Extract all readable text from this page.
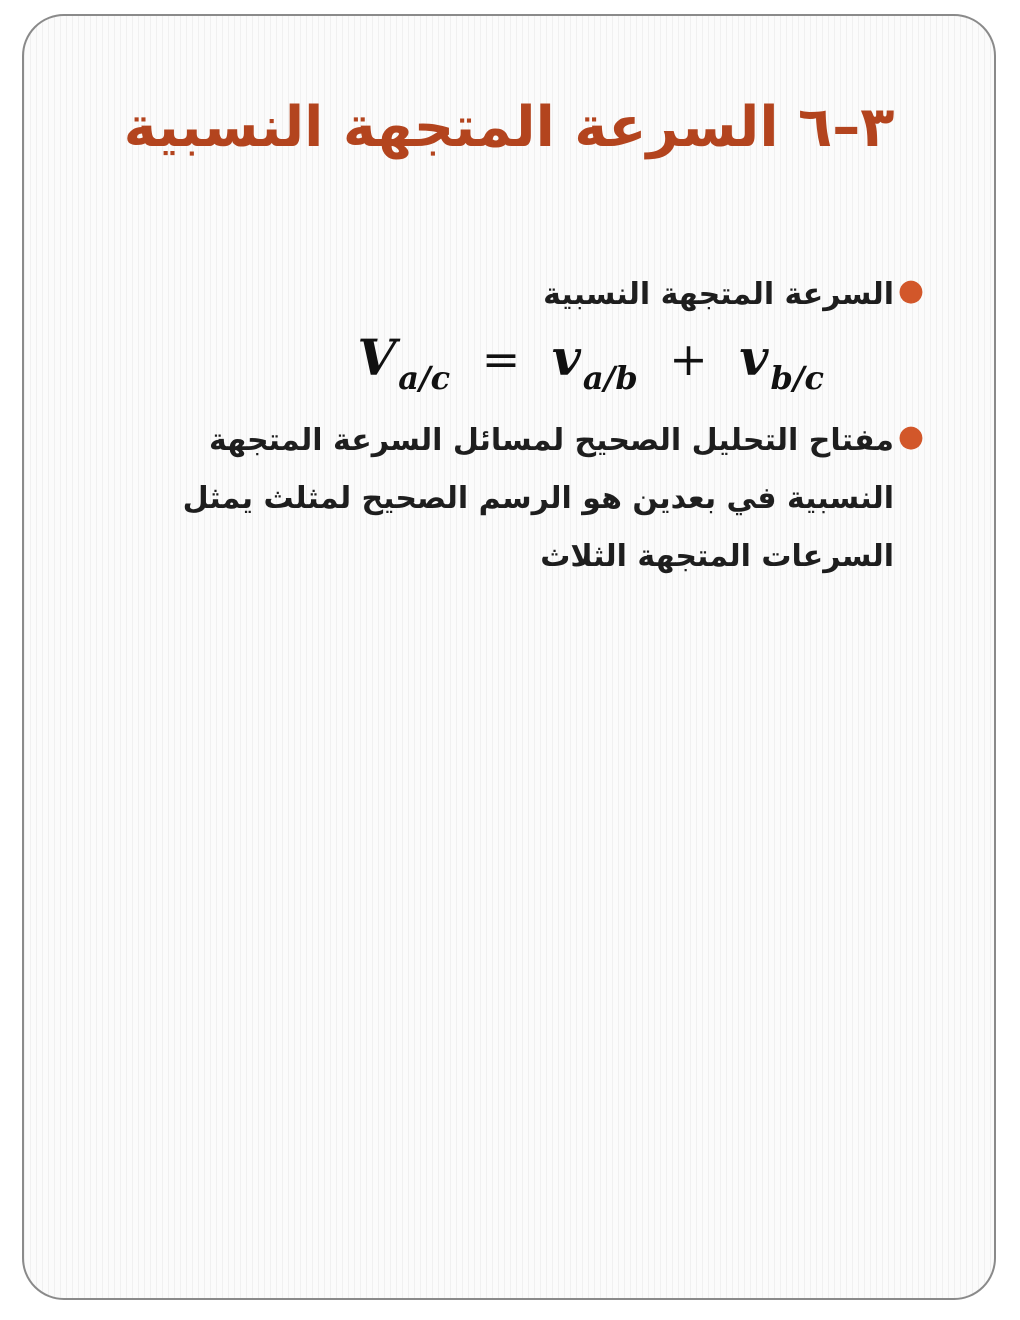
٣–٦ السرعة المتجهة النسبية
●
السرعة المتجهة النسبية
Va/c = va/b + vb/c
●
مفتاح التحليل الصحيح لمسائل السرعة المتجهة النسبية في بعدين هو الرسم الصحيح لمثلث يمثل السرعات المتجهة الثلاث
